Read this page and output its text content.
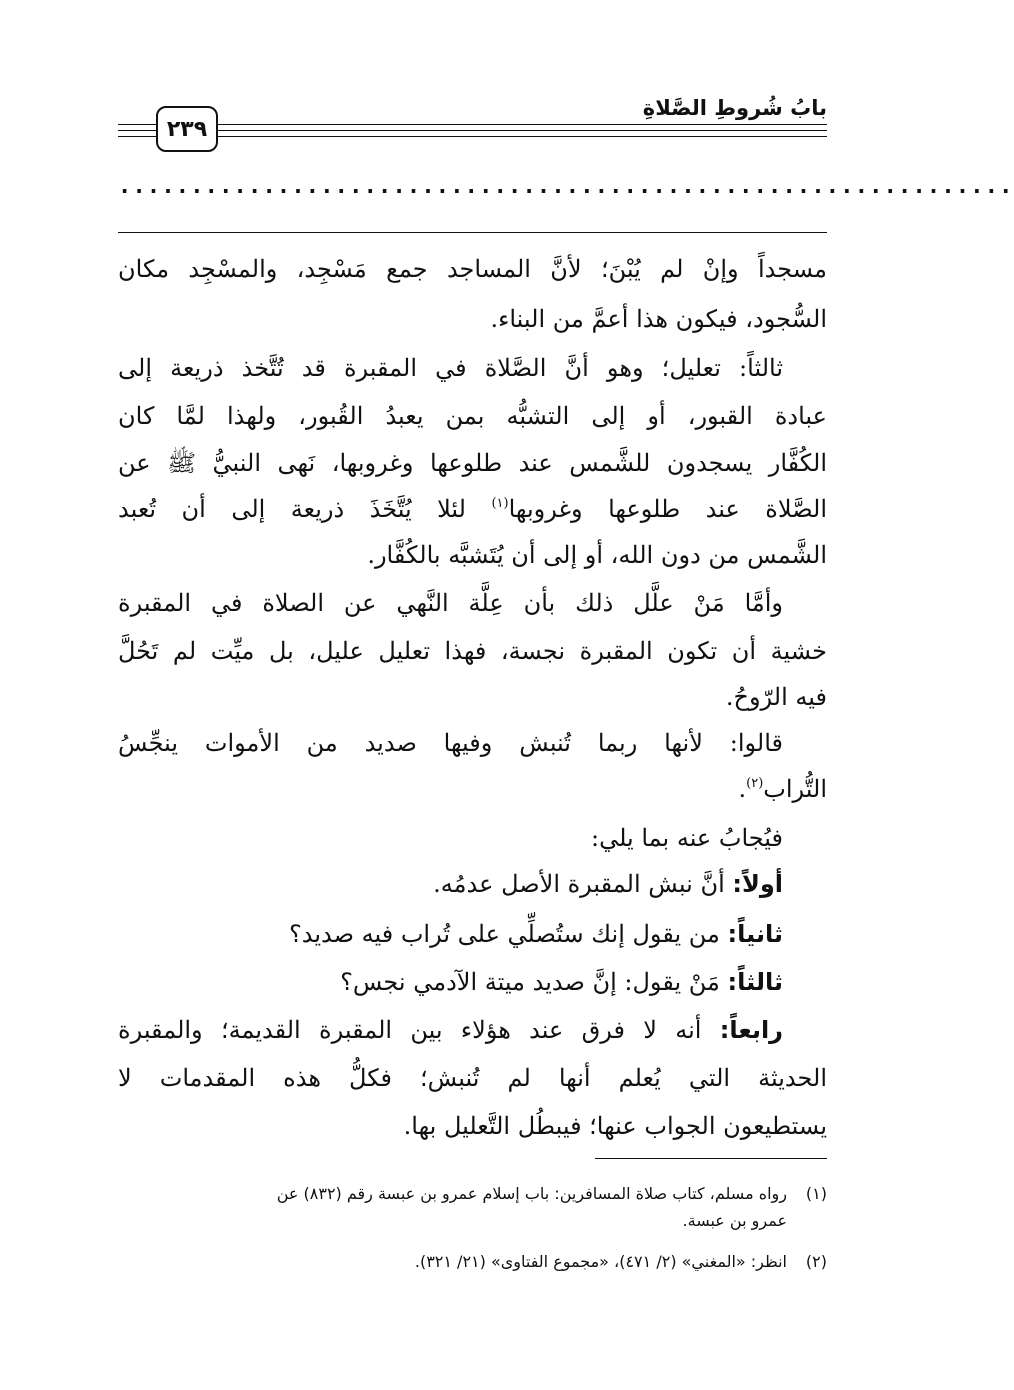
بابُ شُروطِ الصَّلاةِ
٢٣٩
..............................................................
مسجداً وإنْ لم يُبْنَ؛ لأنَّ المساجد جمع مَسْجِد، والمسْجِد مكان
السُّجود، فيكون هذا أعمَّ من البناء.
ثالثاً: تعليل؛ وهو أنَّ الصَّلاة في المقبرة قد تُتَّخذ ذريعة إلى
عبادة القبور، أو إلى التشبُّه بمن يعبدُ القُبور، ولهذا لمَّا كان
الكُفَّار يسجدون للشَّمس عند طلوعها وغروبها، نَهى النبيُّ ﷺ عن
الصَّلاة عند طلوعها وغروبها$^{(١)}$ لئلا يُتَّخَذَ ذريعة إلى أن تُعبد
الشَّمس من دون الله، أو إلى أن يُتَشبَّه بالكُفَّار.
وأمَّا مَنْ علَّل ذلك بأن عِلَّة النَّهي عن الصلاة في المقبرة
خشية أن تكون المقبرة نجسة، فهذا تعليل عليل، بل ميِّت لم تَحُلَّ
فيه الرّوحُ.
قالوا: لأنها ربما تُنبش وفيها صديد من الأموات ينجِّسُ
التُّراب$^{(٢)}$.
فيُجابُ عنه بما يلي:
أولاً: أنَّ نبش المقبرة الأصل عدمُه.
ثانياً: من يقول إنك ستُصلِّي على تُراب فيه صديد؟
ثالثاً: مَنْ يقول: إنَّ صديد ميتة الآدمي نجس؟
رابعاً: أنه لا فرق عند هؤلاء بين المقبرة القديمة؛ والمقبرة
الحديثة التي يُعلم أنها لم تُنبش؛ فكلُّ هذه المقدمات لا
يستطيعون الجواب عنها؛ فيبطُل التَّعليل بها.
(١)رواه مسلم، كتاب صلاة المسافرين: باب إسلام عمرو بن عبسة رقم (٨٣٢) عن
عمرو بن عبسة.
(٢)انظر: «المغني» (٢/ ٤٧١)، «مجموع الفتاوى» (٢١/ ٣٢١).
